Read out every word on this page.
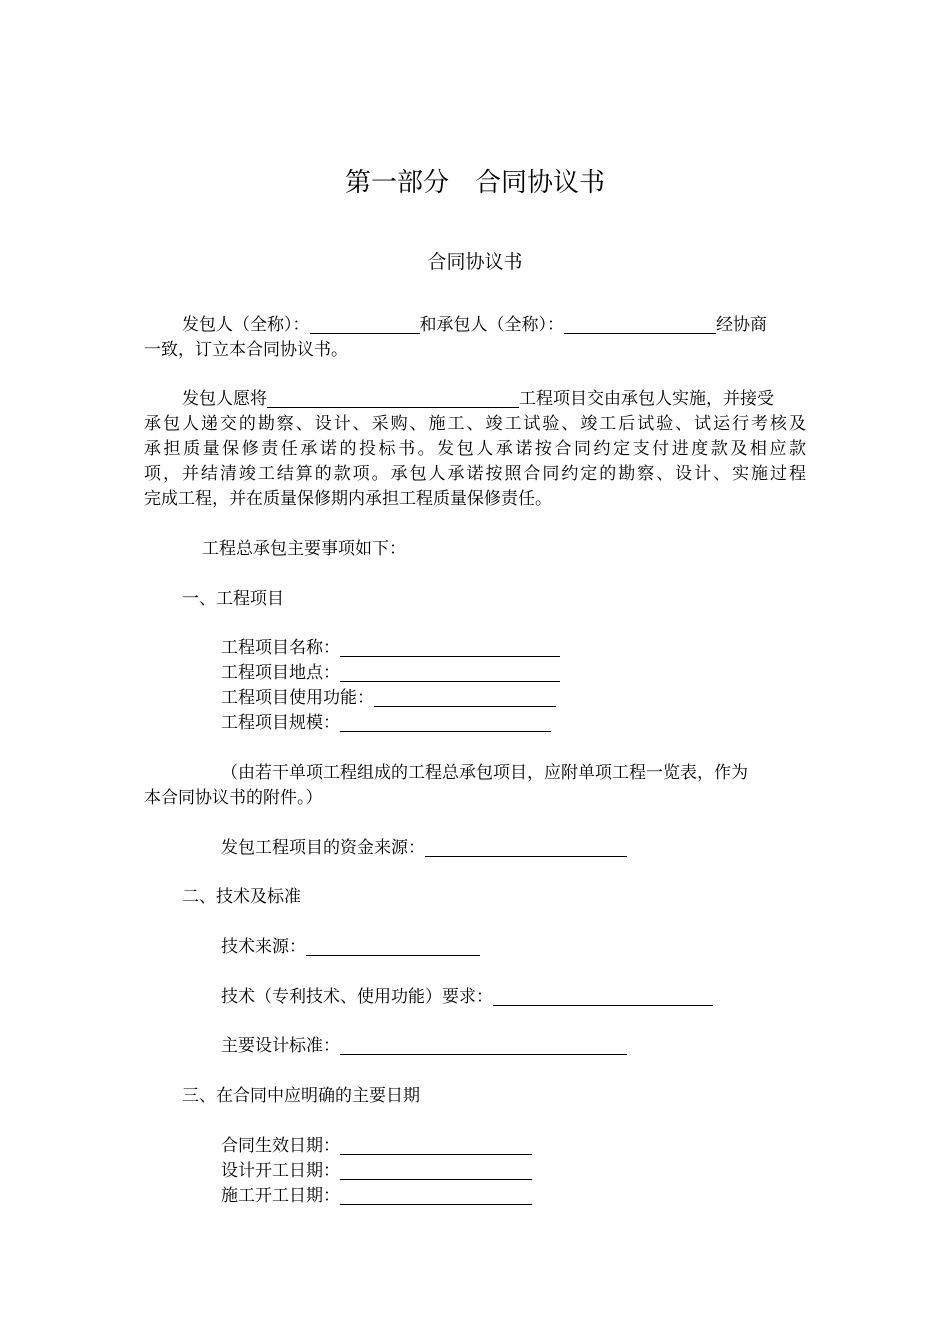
第一部分　合同协议书
合同协议书
发包人（全称）：	和承包人（全称）：	经协商
一致，订立本合同协议书。
发包人愿将	工程项目交由承包人实施，并接受
承包人递交的勘察、设计、采购、施工、竣工试验、竣工后试验、试运行考核及
承担质量保修责任承诺的投标书。发包人承诺按合同约定支付进度款及相应款
项，并结清竣工结算的款项。承包人承诺按照合同约定的勘察、设计、实施过程
完成工程，并在质量保修期内承担工程质量保修责任。
工程总承包主要事项如下：
一、工程项目
工程项目名称：
工程项目地点：
工程项目使用功能：
工程项目规模：
（由若干单项工程组成的工程总承包项目，应附单项工程一览表，作为
本合同协议书的附件。）
发包工程项目的资金来源：
二、技术及标准
技术来源：
技术（专利技术、使用功能）要求：
主要设计标准：
三、在合同中应明确的主要日期
合同生效日期：
设计开工日期：
施工开工日期：
